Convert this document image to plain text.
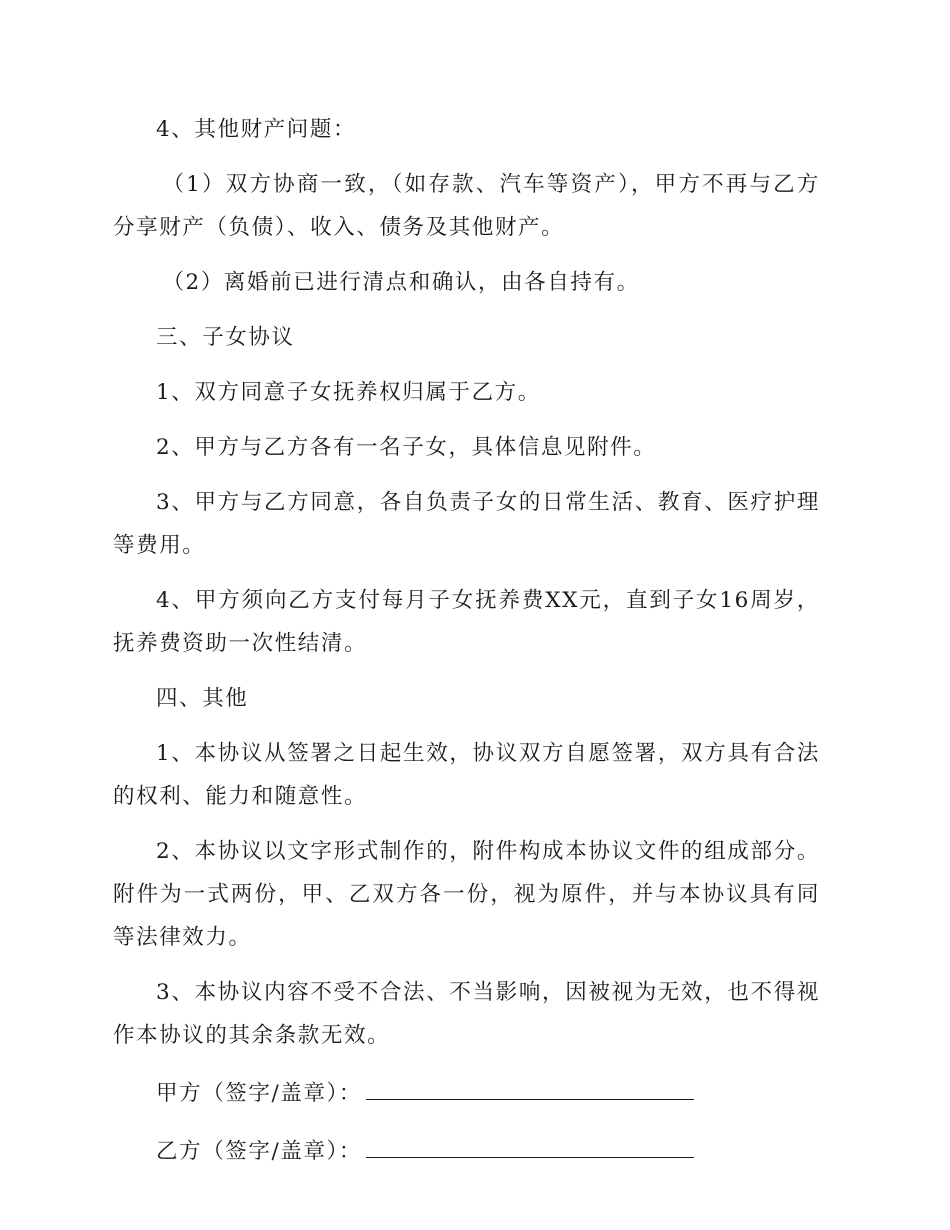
4、其他财产问题：

（1）双方协商一致，（如存款、汽车等资产），甲方不再与乙方分享财产（负债）、收入、债务及其他财产。

（2）离婚前已进行清点和确认，由各自持有。

三、子女协议

1、双方同意子女抚养权归属于乙方。

2、甲方与乙方各有一名子女，具体信息见附件。

3、甲方与乙方同意，各自负责子女的日常生活、教育、医疗护理等费用。

4、甲方须向乙方支付每月子女抚养费XX元，直到子女16周岁，抚养费资助一次性结清。

四、其他

1、本协议从签署之日起生效，协议双方自愿签署，双方具有合法的权利、能力和随意性。

2、本协议以文字形式制作的，附件构成本协议文件的组成部分。附件为一式两份，甲、乙双方各一份，视为原件，并与本协议具有同等法律效力。

3、本协议内容不受不合法、不当影响，因被视为无效，也不得视作本协议的其余条款无效。

甲方（签字/盖章）：
乙方（签字/盖章）：
